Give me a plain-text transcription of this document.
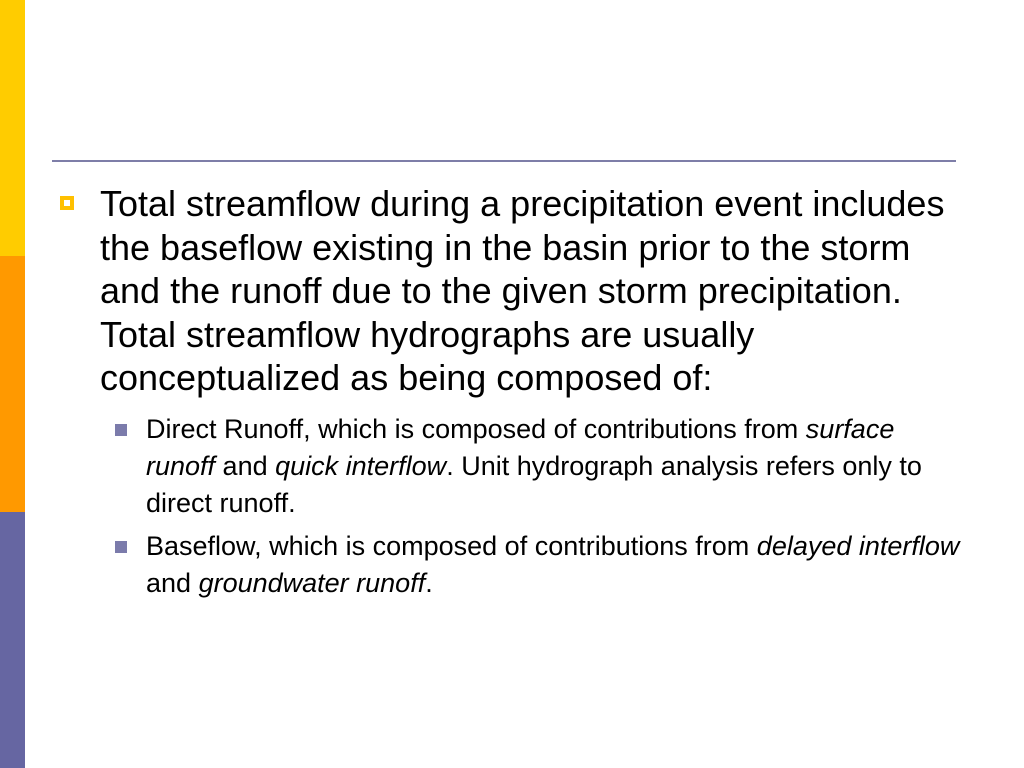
Total streamflow during a precipitation event includes the baseflow existing in the basin prior to the storm and the runoff due to the given storm precipitation. Total streamflow hydrographs are usually conceptualized as being composed of:

Direct Runoff, which is composed of contributions from surface runoff and quick interflow. Unit hydrograph analysis refers only to direct runoff.
Baseflow, which is composed of contributions from delayed interflow and groundwater runoff.
